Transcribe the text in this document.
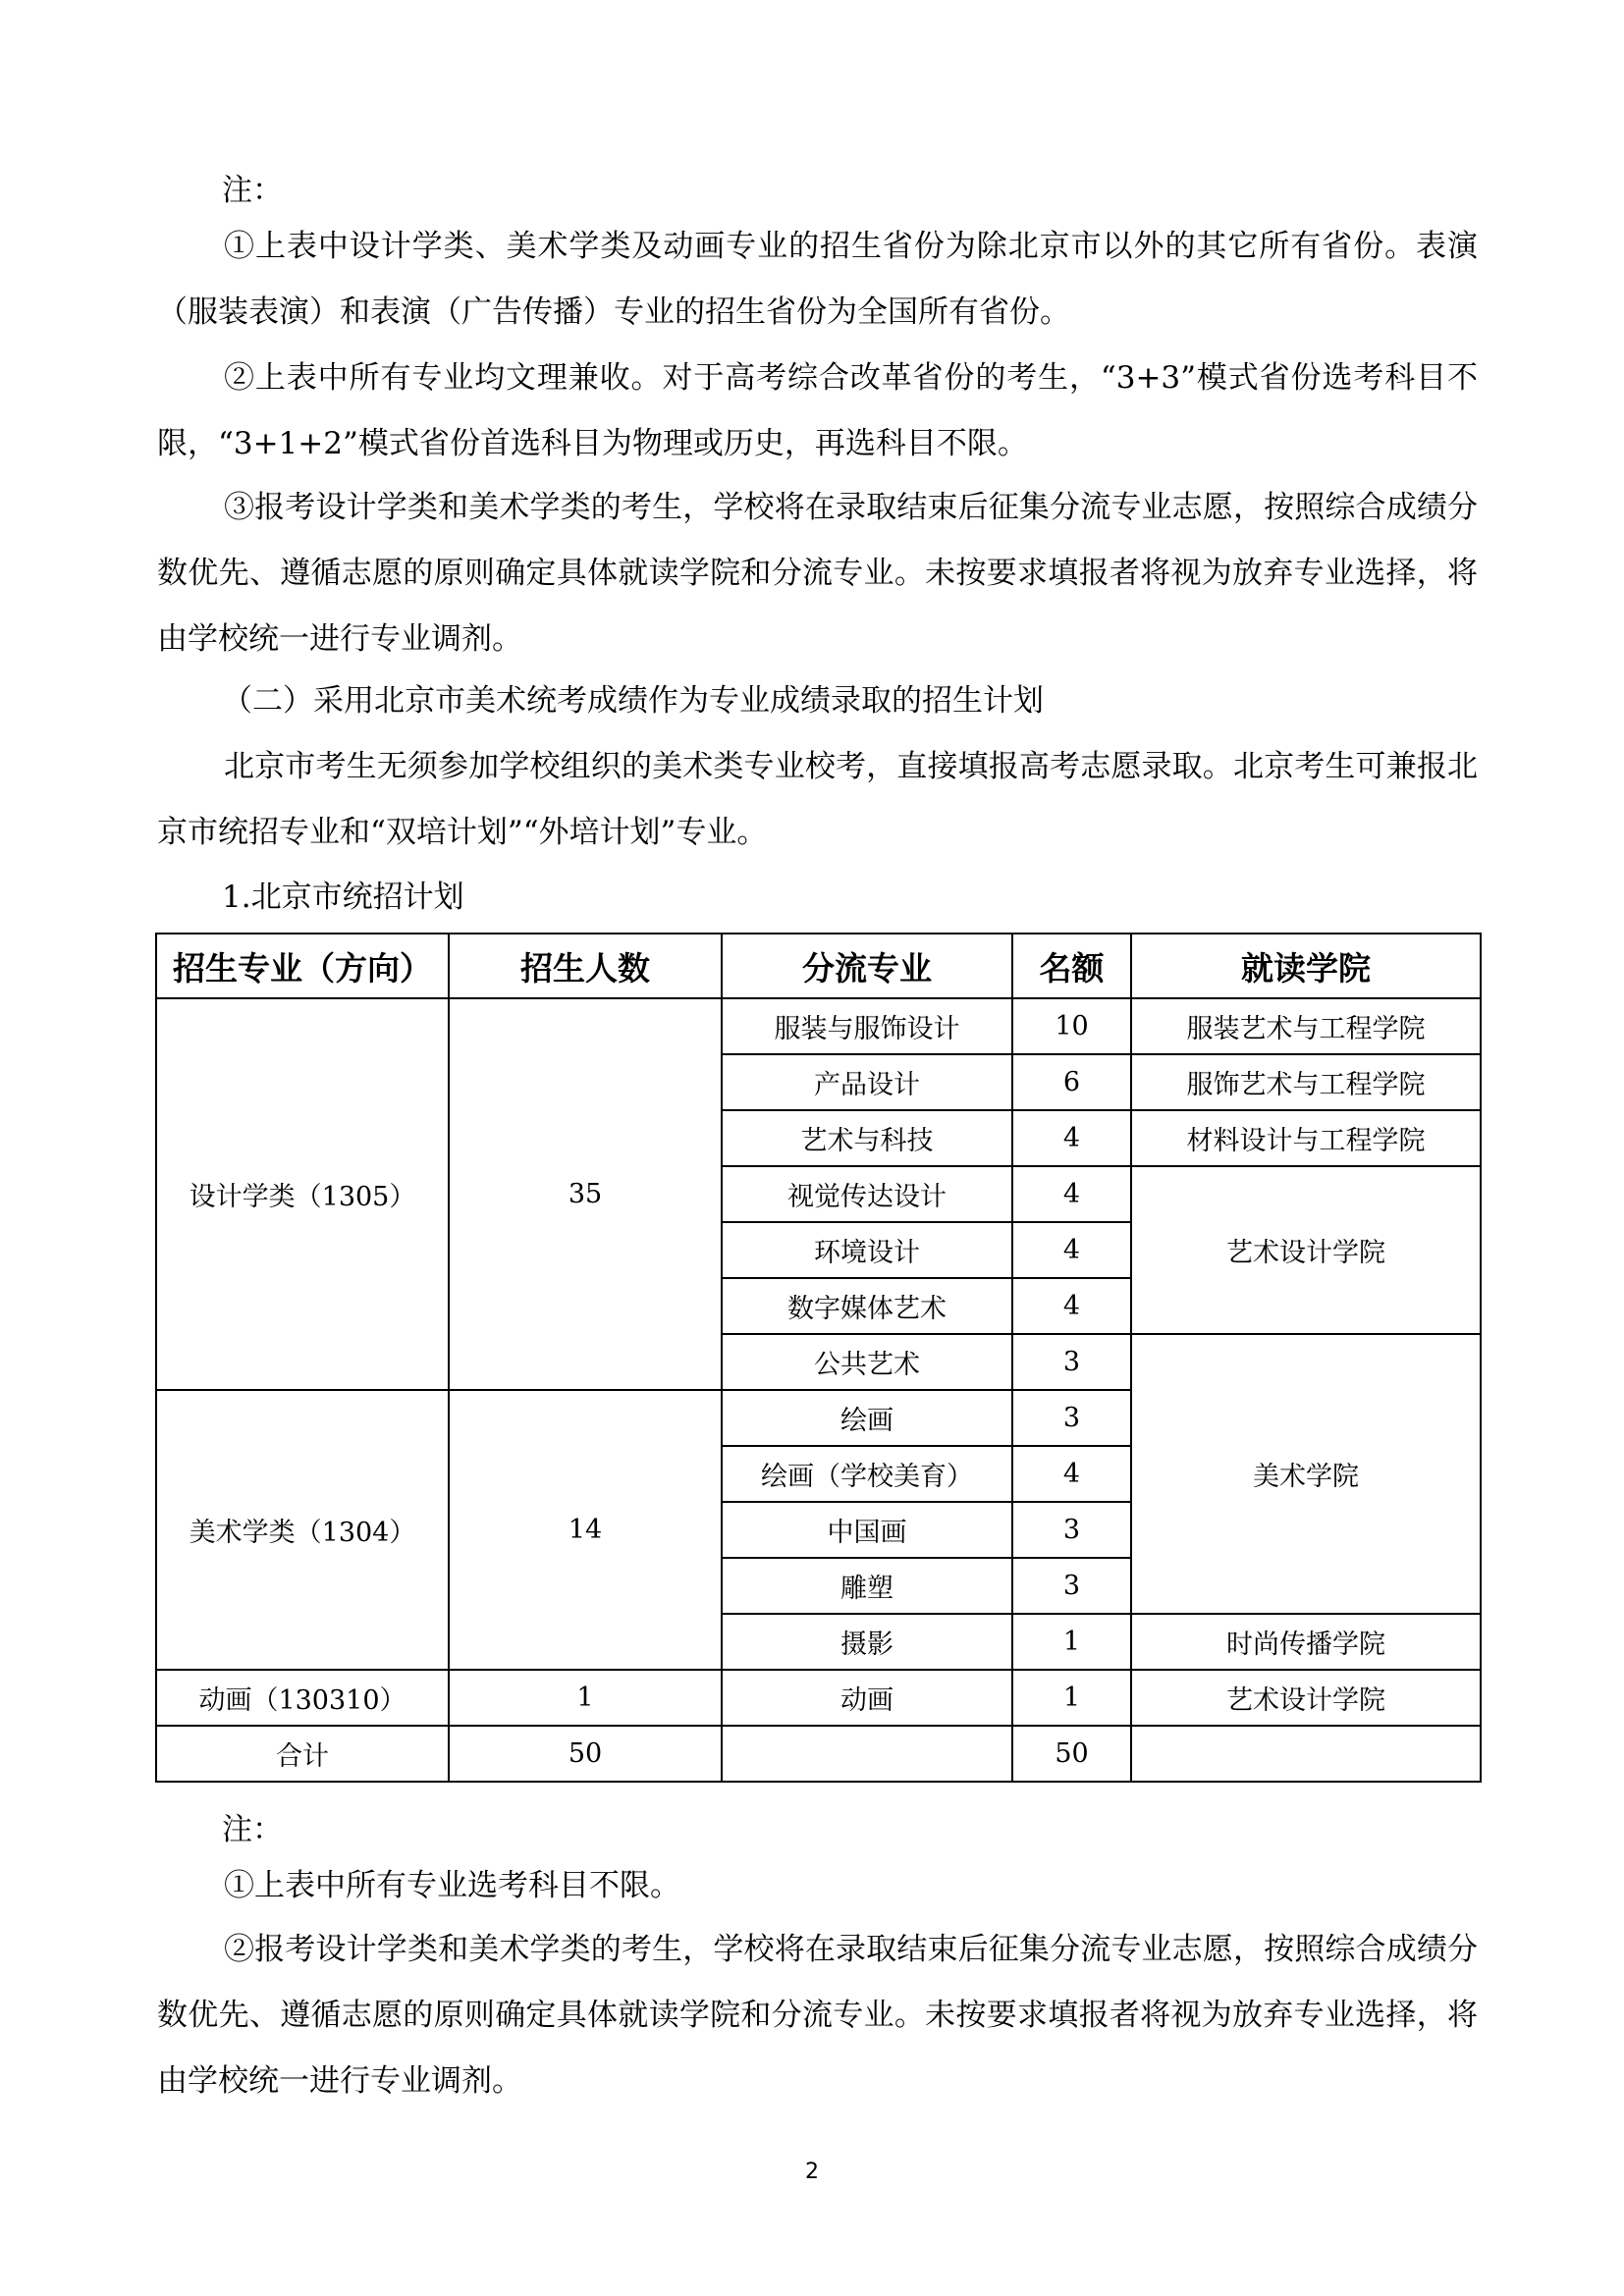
注：

①上表中设计学类、美术学类及动画专业的招生省份为除北京市以外的其它所有省份。表演（服装表演）和表演（广告传播）专业的招生省份为全国所有省份。

②上表中所有专业均文理兼收。对于高考综合改革省份的考生，“3+3”模式省份选考科目不限，“3+1+2”模式省份首选科目为物理或历史，再选科目不限。

③报考设计学类和美术学类的考生，学校将在录取结束后征集分流专业志愿，按照综合成绩分数优先、遵循志愿的原则确定具体就读学院和分流专业。未按要求填报者将视为放弃专业选择，将由学校统一进行专业调剂。

（二）采用北京市美术统考成绩作为专业成绩录取的招生计划

北京市考生无须参加学校组织的美术类专业校考，直接填报高考志愿录取。北京考生可兼报北京市统招专业和“双培计划”“外培计划”专业。

1.北京市统招计划
招生专业（方向）	招生人数	分流专业	名额	就读学院
设计学类（1305）	35	服装与服饰设计	10	服装艺术与工程学院
		产品设计	6	服饰艺术与工程学院
		艺术与科技	4	材料设计与工程学院
		视觉传达设计	4	艺术设计学院
		环境设计	4	
		数字媒体艺术	4	
		公共艺术	3	美术学院
美术学类（1304）	14	绘画	3	
		绘画（学校美育）	4	
		中国画	3	
		雕塑	3	
		摄影	1	时尚传播学院
动画（130310）	1	动画	1	艺术设计学院
合计	50		50	
注：

①上表中所有专业选考科目不限。

②报考设计学类和美术学类的考生，学校将在录取结束后征集分流专业志愿，按照综合成绩分数优先、遵循志愿的原则确定具体就读学院和分流专业。未按要求填报者将视为放弃专业选择，将由学校统一进行专业调剂。

2
